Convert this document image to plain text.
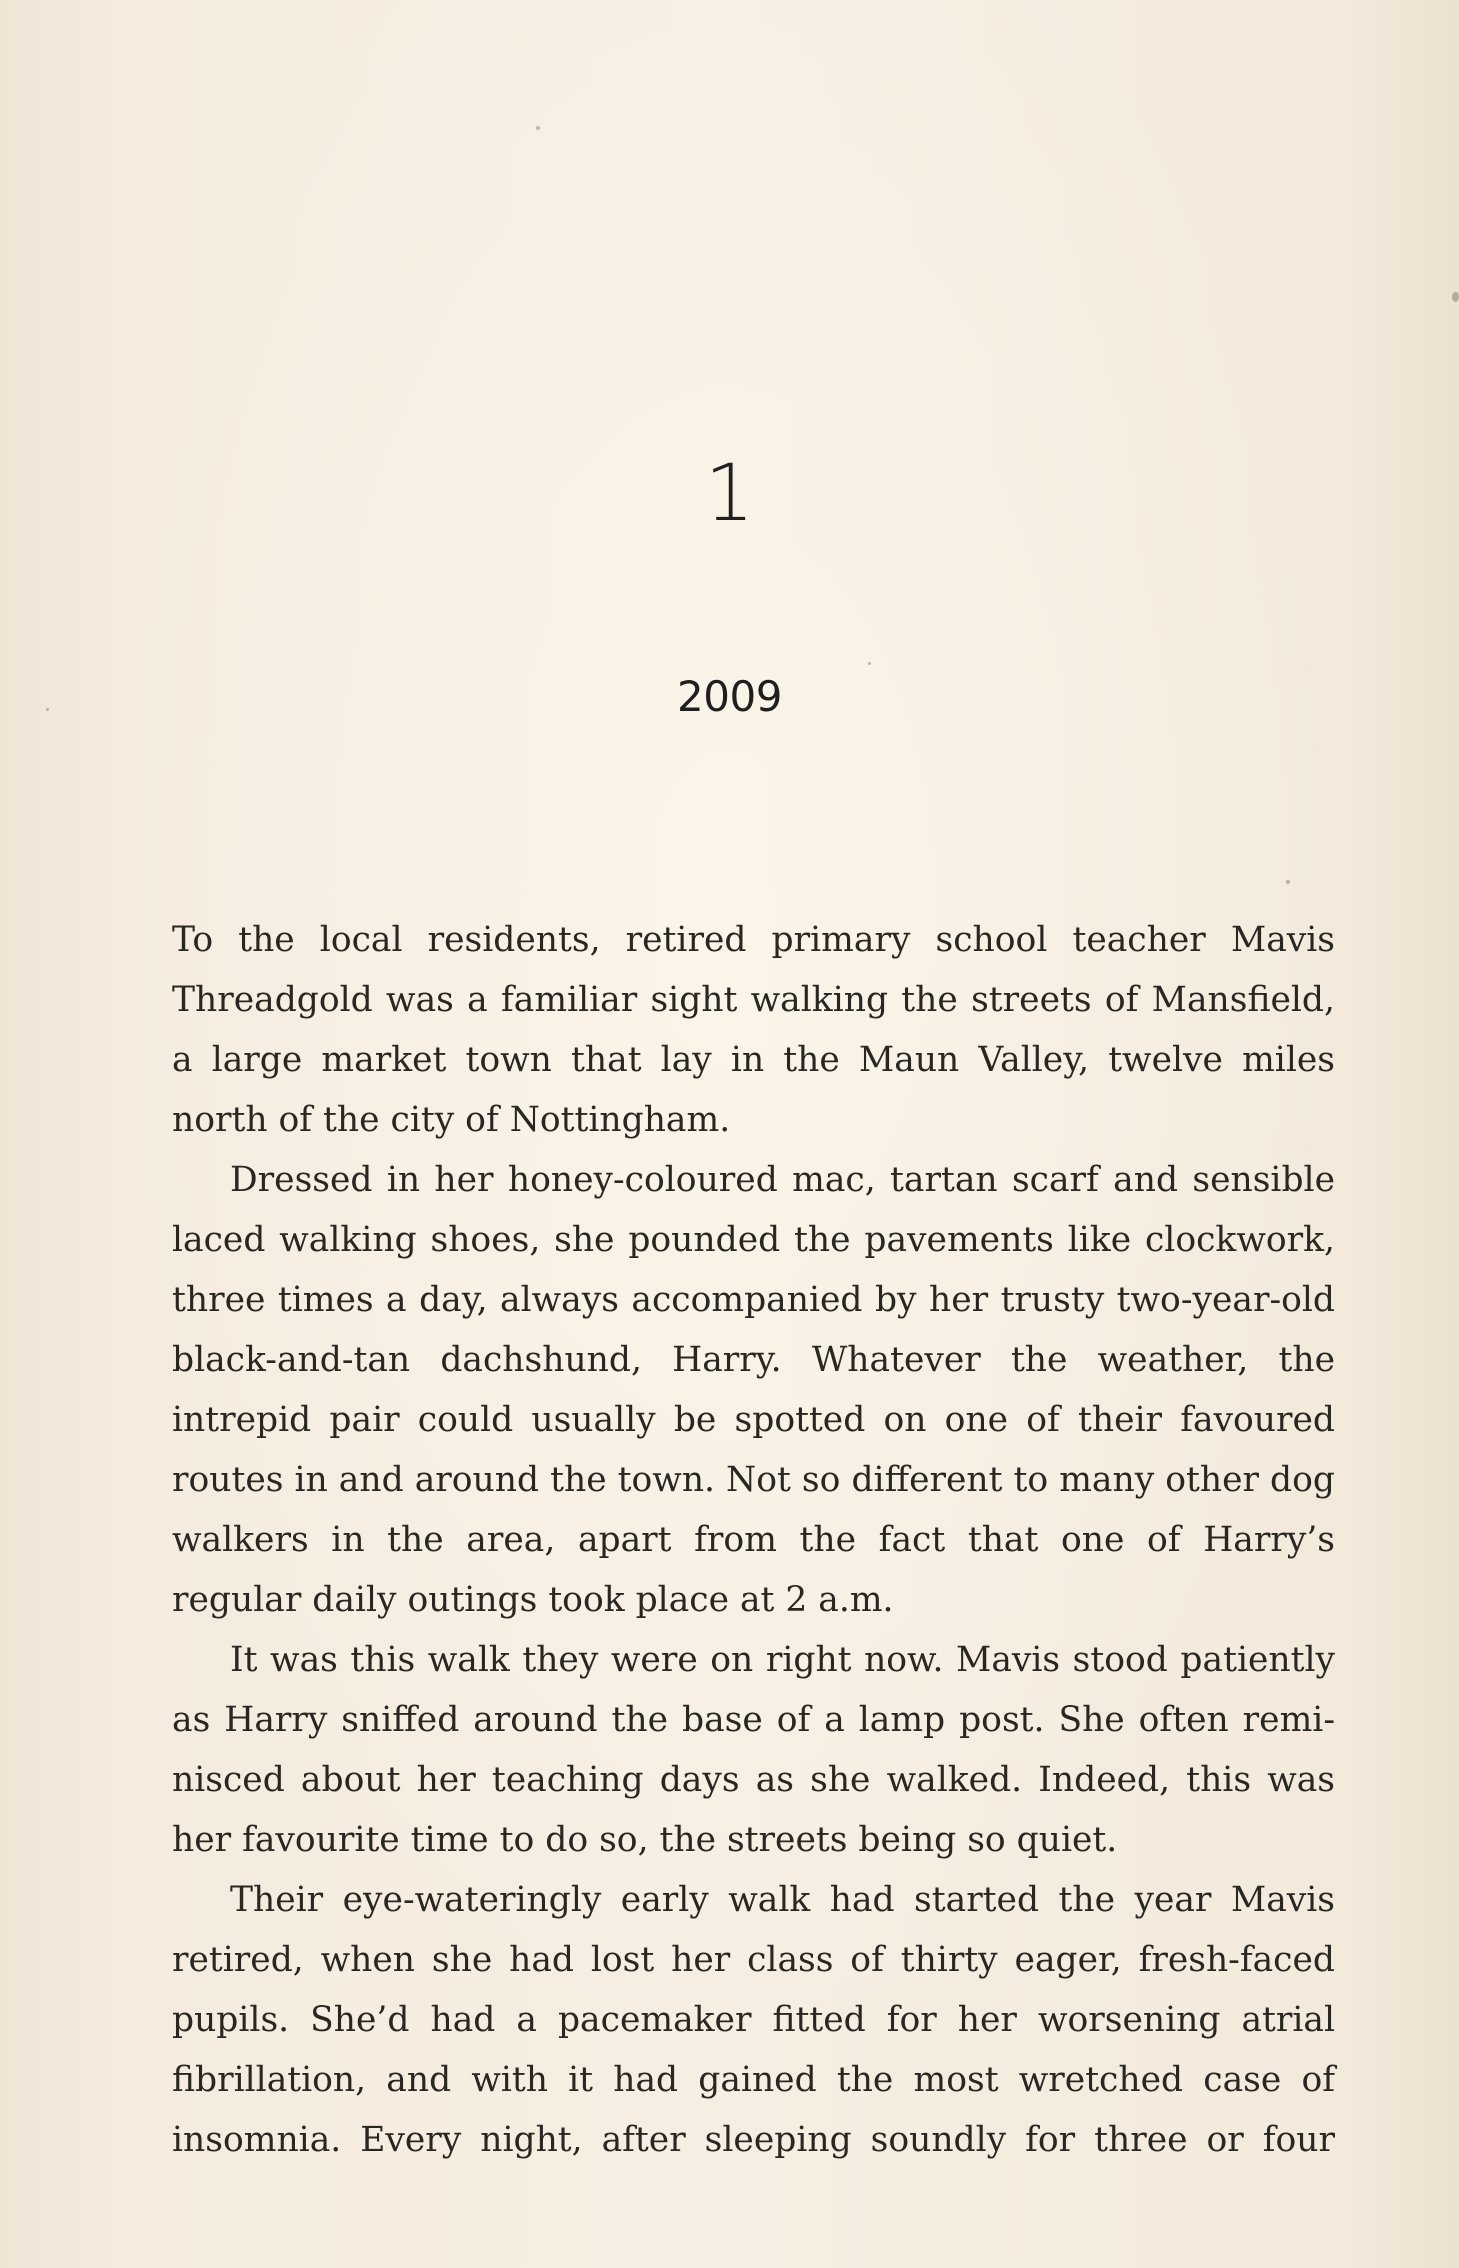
1
2009

To the local residents, retired primary school teacher Mavis Threadgold was a familiar sight walking the streets of Mansfield, a large market town that lay in the Maun Valley, twelve miles north of the city of Nottingham.

Dressed in her honey-coloured mac, tartan scarf and sensible laced walking shoes, she pounded the pavements like clockwork, three times a day, always accompanied by her trusty two-year-old black-and-tan dachshund, Harry. Whatever the weather, the intrepid pair could usually be spotted on one of their favoured routes in and around the town. Not so different to many other dog walkers in the area, apart from the fact that one of Harry’s regular daily outings took place at 2 a.m.

It was this walk they were on right now. Mavis stood patiently as Harry sniffed around the base of a lamp post. She often reminisced about her teaching days as she walked. Indeed, this was her favourite time to do so, the streets being so quiet.

Their eye-wateringly early walk had started the year Mavis retired, when she had lost her class of thirty eager, fresh-faced pupils. She’d had a pacemaker fitted for her worsening atrial fibrillation, and with it had gained the most wretched case of insomnia. Every night, after sleeping soundly for three or four
